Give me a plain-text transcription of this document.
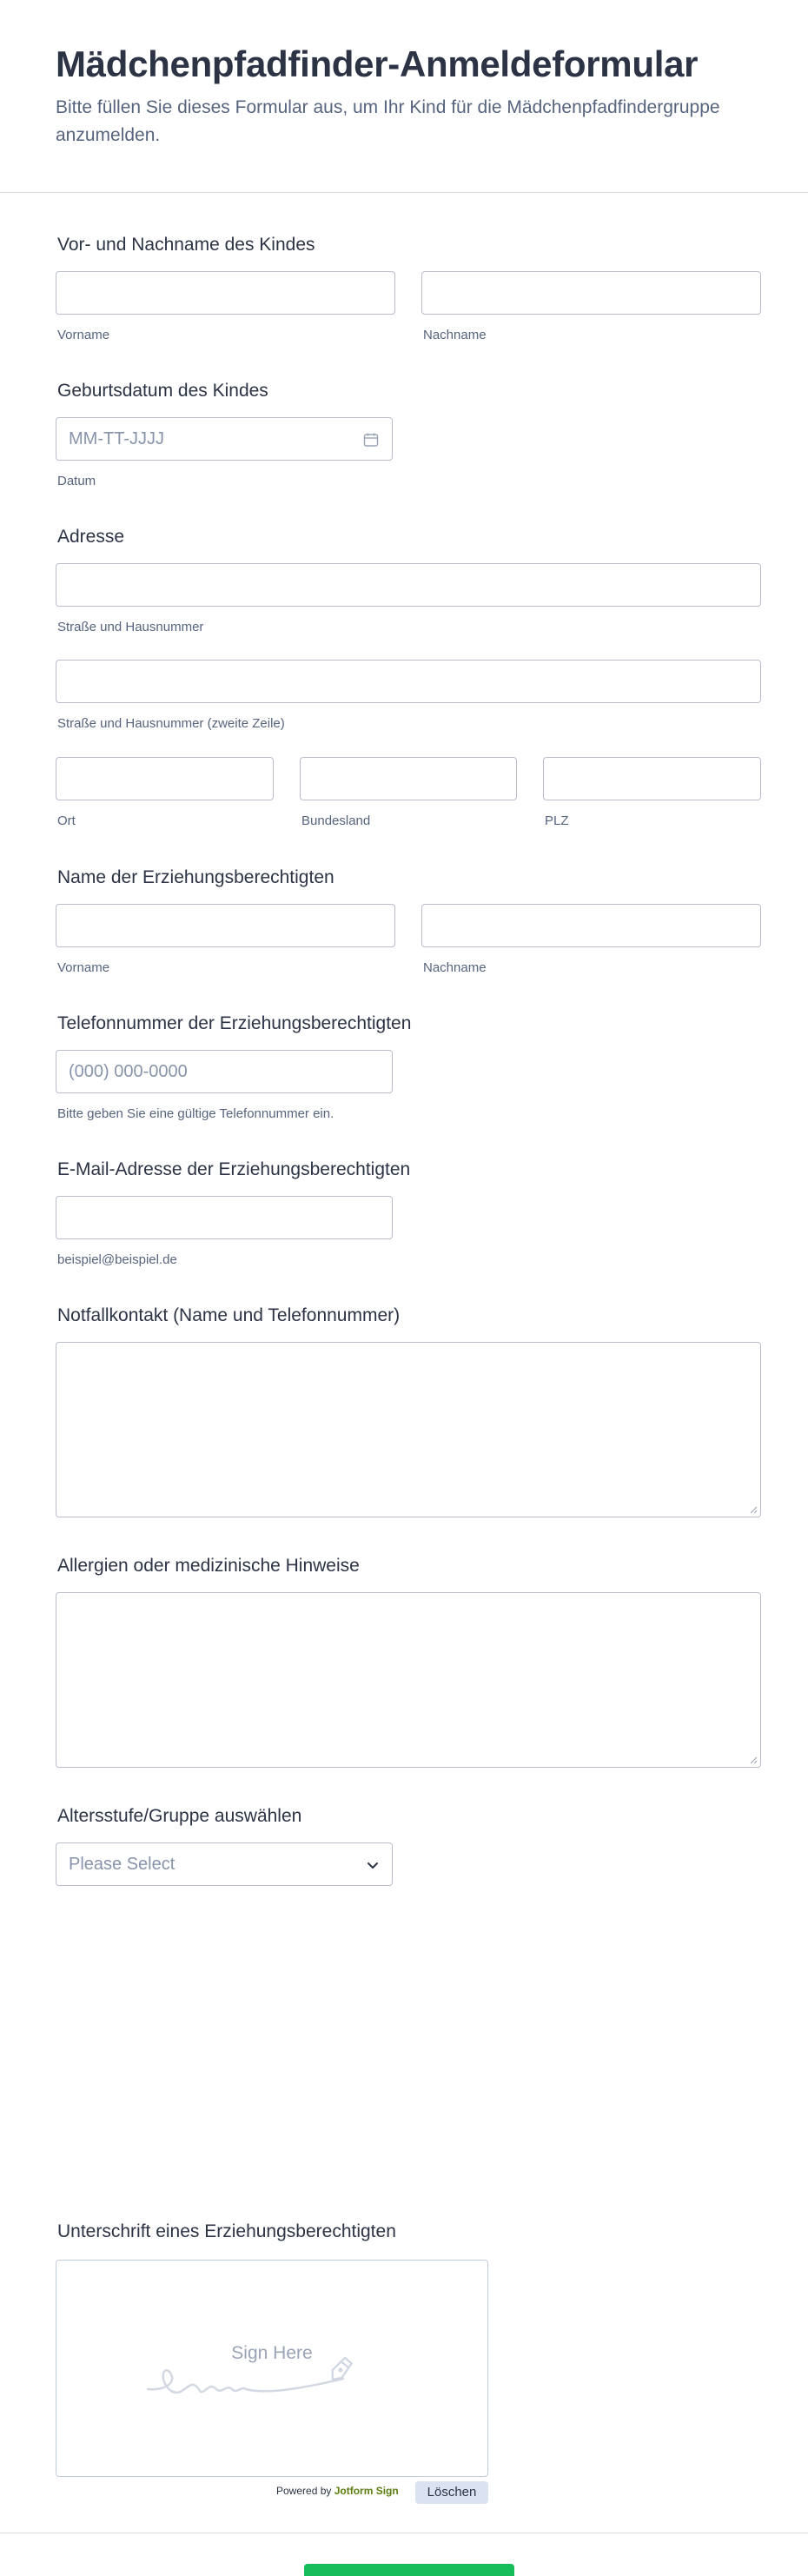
Mädchenpfadfinder-Anmeldeformular
Bitte füllen Sie dieses Formular aus, um Ihr Kind für die Mädchenpfadfindergruppe anzumelden.
Vor- und Nachname des Kindes
Vorname	Nachname
Geburtsdatum des Kindes
MM-TT-JJJJ
Datum
Adresse
Straße und Hausnummer
Straße und Hausnummer (zweite Zeile)
Ort	Bundesland	PLZ
Name der Erziehungsberechtigten
Vorname	Nachname
Telefonnummer der Erziehungsberechtigten
(000) 000-0000
Bitte geben Sie eine gültige Telefonnummer ein.
E-Mail-Adresse der Erziehungsberechtigten
beispiel@beispiel.de
Notfallkontakt (Name und Telefonnummer)
Allergien oder medizinische Hinweise
Altersstufe/Gruppe auswählen
Please Select
Unterschrift eines Erziehungsberechtigten
Sign Here
Powered by Jotform Sign	Löschen
